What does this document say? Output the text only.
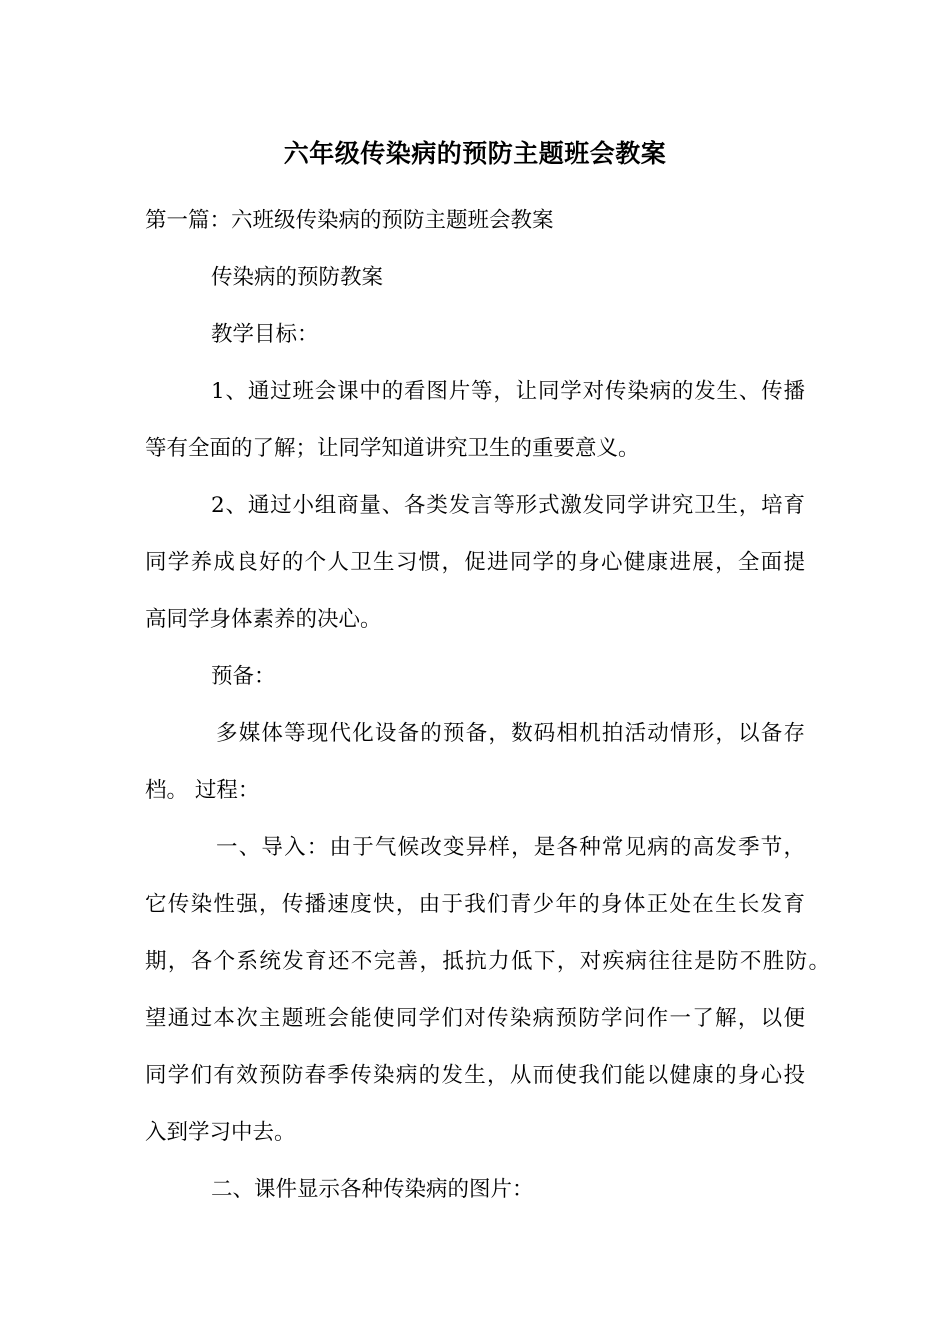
六年级传染病的预防主题班会教案
第一篇：六班级传染病的预防主题班会教案
传染病的预防教案
教学目标：
1、通过班会课中的看图片等，让同学对传染病的发生、传播
等有全面的了解；让同学知道讲究卫生的重要意义。
2、通过小组商量、各类发言等形式激发同学讲究卫生，培育
同学养成良好的个人卫生习惯，促进同学的身心健康进展，全面提
高同学身体素养的决心。
预备：
多媒体等现代化设备的预备，数码相机拍活动情形，以备存
档。 过程：
一、导入：由于气候改变异样，是各种常见病的高发季节，
它传染性强，传播速度快，由于我们青少年的身体正处在生长发育
期，各个系统发育还不完善，抵抗力低下，对疾病往往是防不胜防。
望通过本次主题班会能使同学们对传染病预防学问作一了解，以便
同学们有效预防春季传染病的发生，从而使我们能以健康的身心投
入到学习中去。
二、课件显示各种传染病的图片：
